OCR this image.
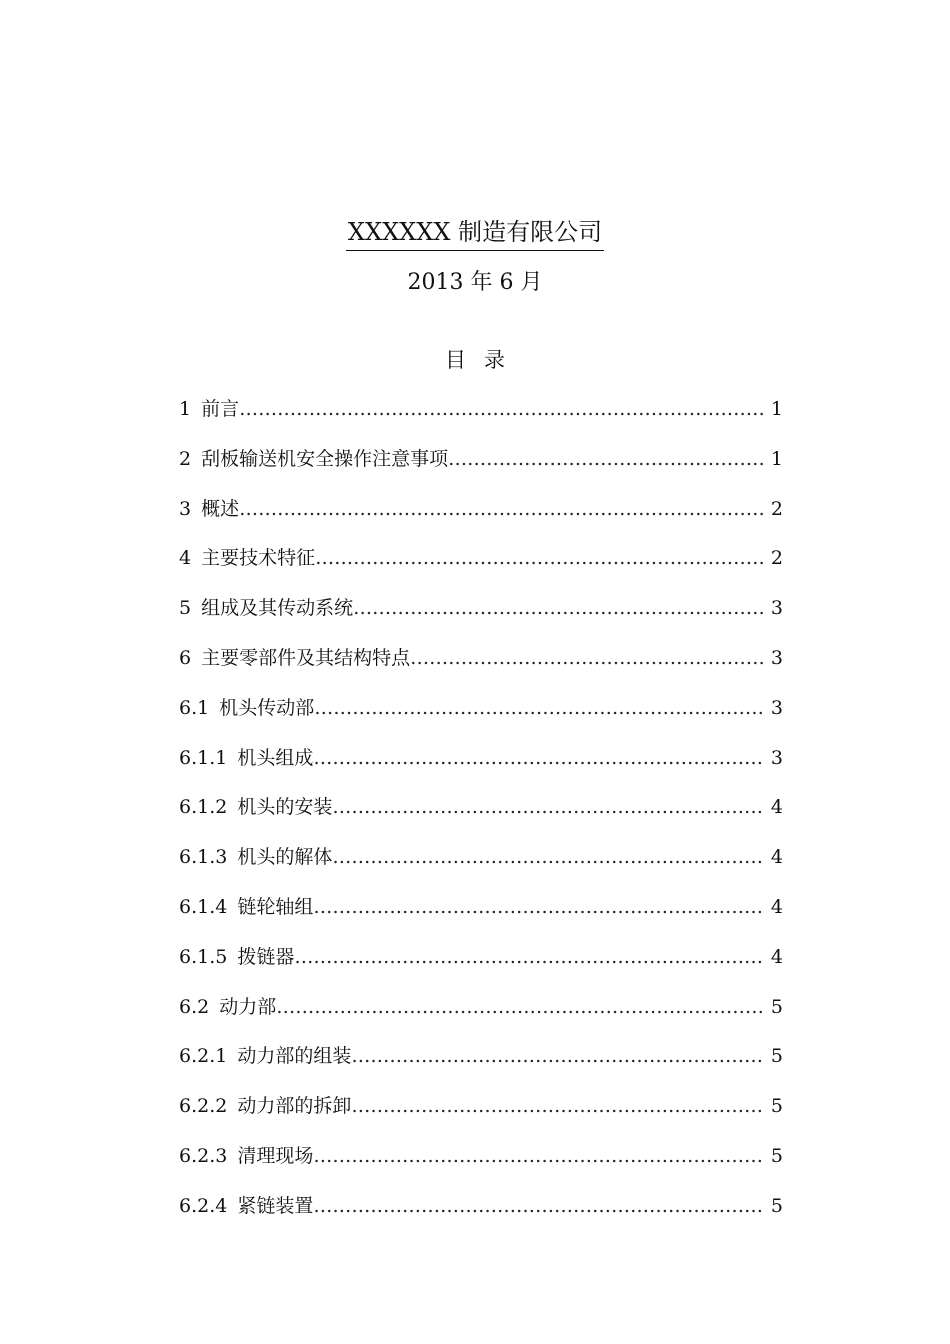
XXXXXX 制造有限公司
2013 年 6 月
目录
1 前言 ……………………………………………………………………………………………………………………………………………………………………………………………………	1
2 刮板输送机安全操作注意事项 ……………………………………………………………………………………………………………………………………………………………………………………………………	1
3 概述 ……………………………………………………………………………………………………………………………………………………………………………………………………	2
4 主要技术特征 ……………………………………………………………………………………………………………………………………………………………………………………………………	2
5 组成及其传动系统 ……………………………………………………………………………………………………………………………………………………………………………………………………	3
6 主要零部件及其结构特点 ……………………………………………………………………………………………………………………………………………………………………………………………………	3
6.1 机头传动部 ……………………………………………………………………………………………………………………………………………………………………………………………………	3
6.1.1 机头组成 ……………………………………………………………………………………………………………………………………………………………………………………………………	3
6.1.2 机头的安装 ……………………………………………………………………………………………………………………………………………………………………………………………………	4
6.1.3 机头的解体 ……………………………………………………………………………………………………………………………………………………………………………………………………	4
6.1.4 链轮轴组 ……………………………………………………………………………………………………………………………………………………………………………………………………	4
6.1.5 拨链器 ……………………………………………………………………………………………………………………………………………………………………………………………………	4
6.2 动力部 ……………………………………………………………………………………………………………………………………………………………………………………………………	5
6.2.1 动力部的组装 ……………………………………………………………………………………………………………………………………………………………………………………………………	5
6.2.2 动力部的拆卸 ……………………………………………………………………………………………………………………………………………………………………………………………………	5
6.2.3 清理现场 ……………………………………………………………………………………………………………………………………………………………………………………………………	5
6.2.4 紧链装置 ……………………………………………………………………………………………………………………………………………………………………………………………………	5
